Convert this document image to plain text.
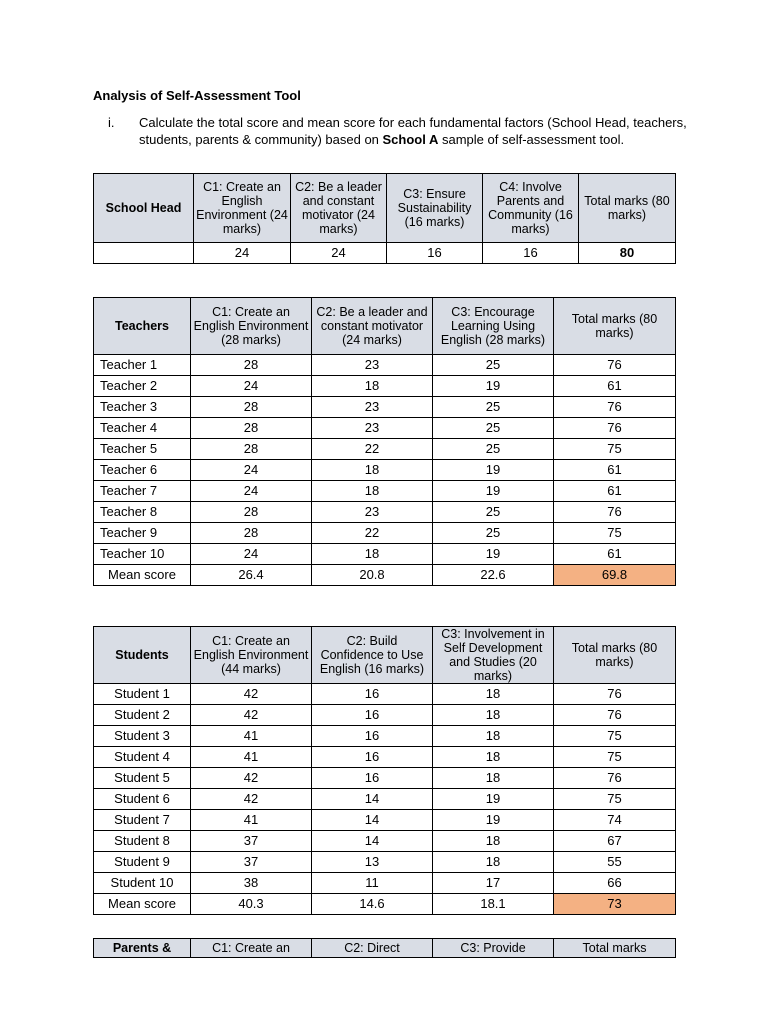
Analysis of Self-Assessment Tool
i. Calculate the total score and mean score for each fundamental factors (School Head, teachers, students, parents & community) based on School A sample of self-assessment tool.
School Head	C1: Create an English Environment (24 marks)	C2: Be a leader and constant motivator (24 marks)	C3: Ensure Sustainability (16 marks)	C4: Involve Parents and Community (16 marks)	Total marks (80 marks)
	24	24	16	16	80
Teachers	C1: Create an English Environment (28 marks)	C2: Be a leader and constant motivator (24 marks)	C3: Encourage Learning Using English (28 marks)	Total marks (80 marks)
Teacher 1	28	23	25	76
Teacher 2	24	18	19	61
Teacher 3	28	23	25	76
Teacher 4	28	23	25	76
Teacher 5	28	22	25	75
Teacher 6	24	18	19	61
Teacher 7	24	18	19	61
Teacher 8	28	23	25	76
Teacher 9	28	22	25	75
Teacher 10	24	18	19	61
Mean score	26.4	20.8	22.6	69.8
Students	C1: Create an English Environment (44 marks)	C2: Build Confidence to Use English (16 marks)	C3: Involvement in Self Development and Studies (20 marks)	Total marks (80 marks)
Student 1	42	16	18	76
Student 2	42	16	18	76
Student 3	41	16	18	75
Student 4	41	16	18	75
Student 5	42	16	18	76
Student 6	42	14	19	75
Student 7	41	14	19	74
Student 8	37	14	18	67
Student 9	37	13	18	55
Student 10	38	11	17	66
Mean score	40.3	14.6	18.1	73
Parents &	C1: Create an	C2: Direct	C3: Provide	Total marks
